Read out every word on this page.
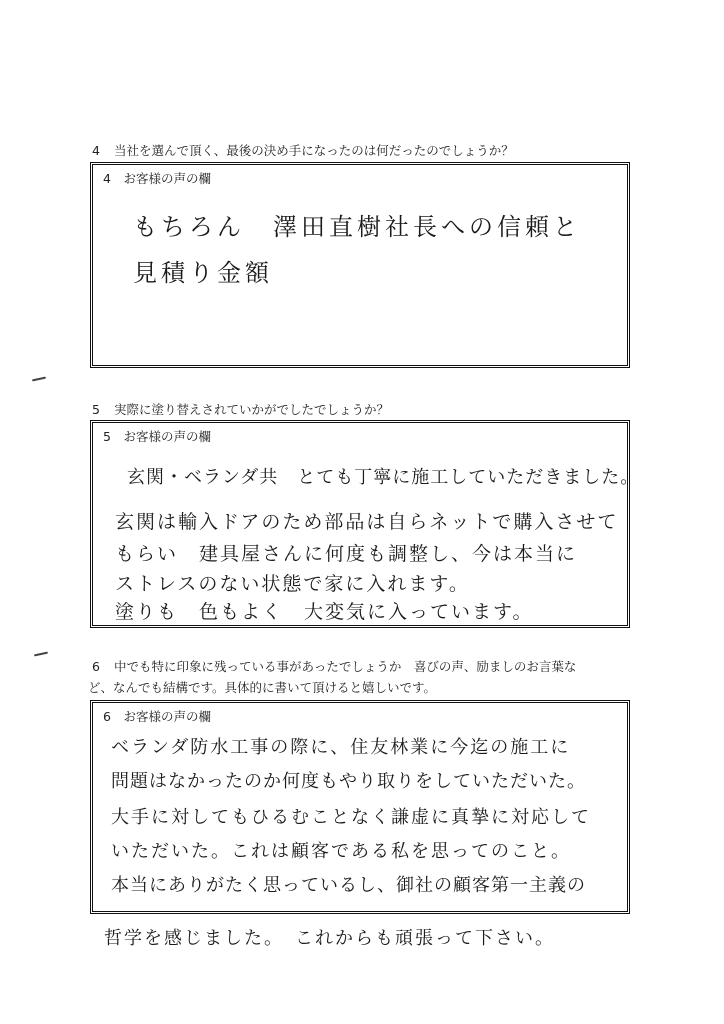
4 当社を選んで頂く、最後の決め手になったのは何だったのでしょうか？
4　お客様の声の欄
もちろん　澤田直樹社長への信頼と
見積り金額
5 実際に塗り替えされていかがでしたでしょうか？
5　お客様の声の欄
玄関・ベランダ共　とても丁寧に施工していただきました。
玄関は輸入ドアのため部品は自らネットで購入させて
もらい　建具屋さんに何度も調整し、今は本当に
ストレスのない状態で家に入れます。
塗りも　色もよく　大変気に入っています。
6 中でも特に印象に残っている事があったでしょうか　喜びの声、励ましのお言葉な
ど、なんでも結構です。具体的に書いて頂けると嬉しいです。
6　お客様の声の欄
ベランダ防水工事の際に、住友林業に今迄の施工に
問題はなかったのか何度もやり取りをしていただいた。
大手に対してもひるむことなく謙虚に真摯に対応して
いただいた。これは顧客である私を思ってのこと。
本当にありがたく思っているし、御社の顧客第一主義の
哲学を感じました。　これからも頑張って下さい。
